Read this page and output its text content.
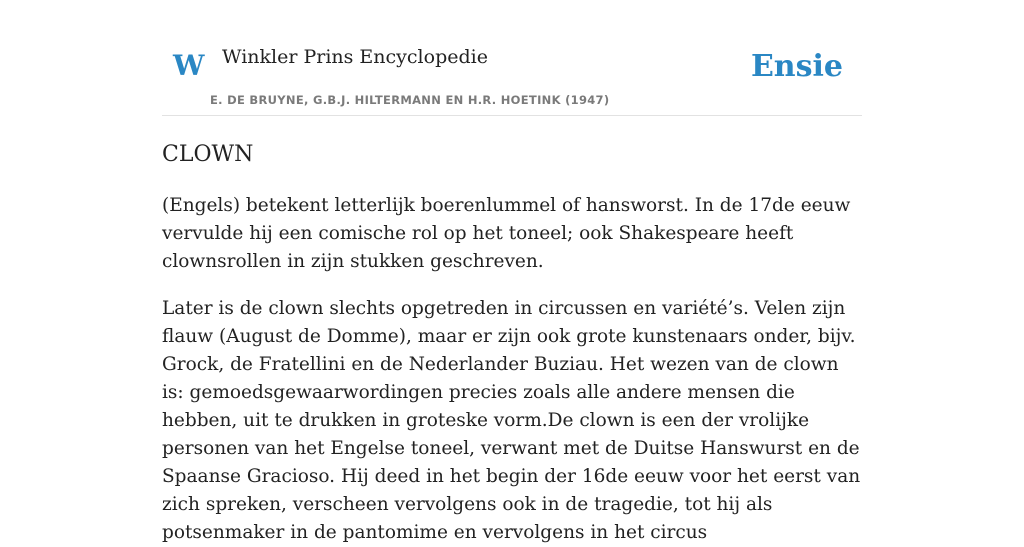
W Winkler Prins Encyclopedie	Ensie
E. DE BRUYNE, G.B.J. HILTERMANN EN H.R. HOETINK (1947)
CLOWN

(Engels) betekent letterlijk boerenlummel of hansworst. In de 17de eeuw vervulde hij een comische rol op het toneel; ook Shakespeare heeft clownsrollen in zijn stukken geschreven.

Later is de clown slechts opgetreden in circussen en variété’s. Velen zijn flauw (August de Domme), maar er zijn ook grote kunstenaars onder, bijv. Grock, de Fratellini en de Nederlander Buziau. Het wezen van de clown is: gemoedsgewaarwordingen precies zoals alle andere mensen die hebben, uit te drukken in groteske vorm.De clown is een der vrolijke personen van het Engelse toneel, verwant met de Duitse Hanswurst en de Spaanse Gracioso. Hij deed in het begin der 16de eeuw voor het eerst van zich spreken, verscheen vervolgens ook in de tragedie, tot hij als potsenmaker in de pantomime en vervolgens in het circus
